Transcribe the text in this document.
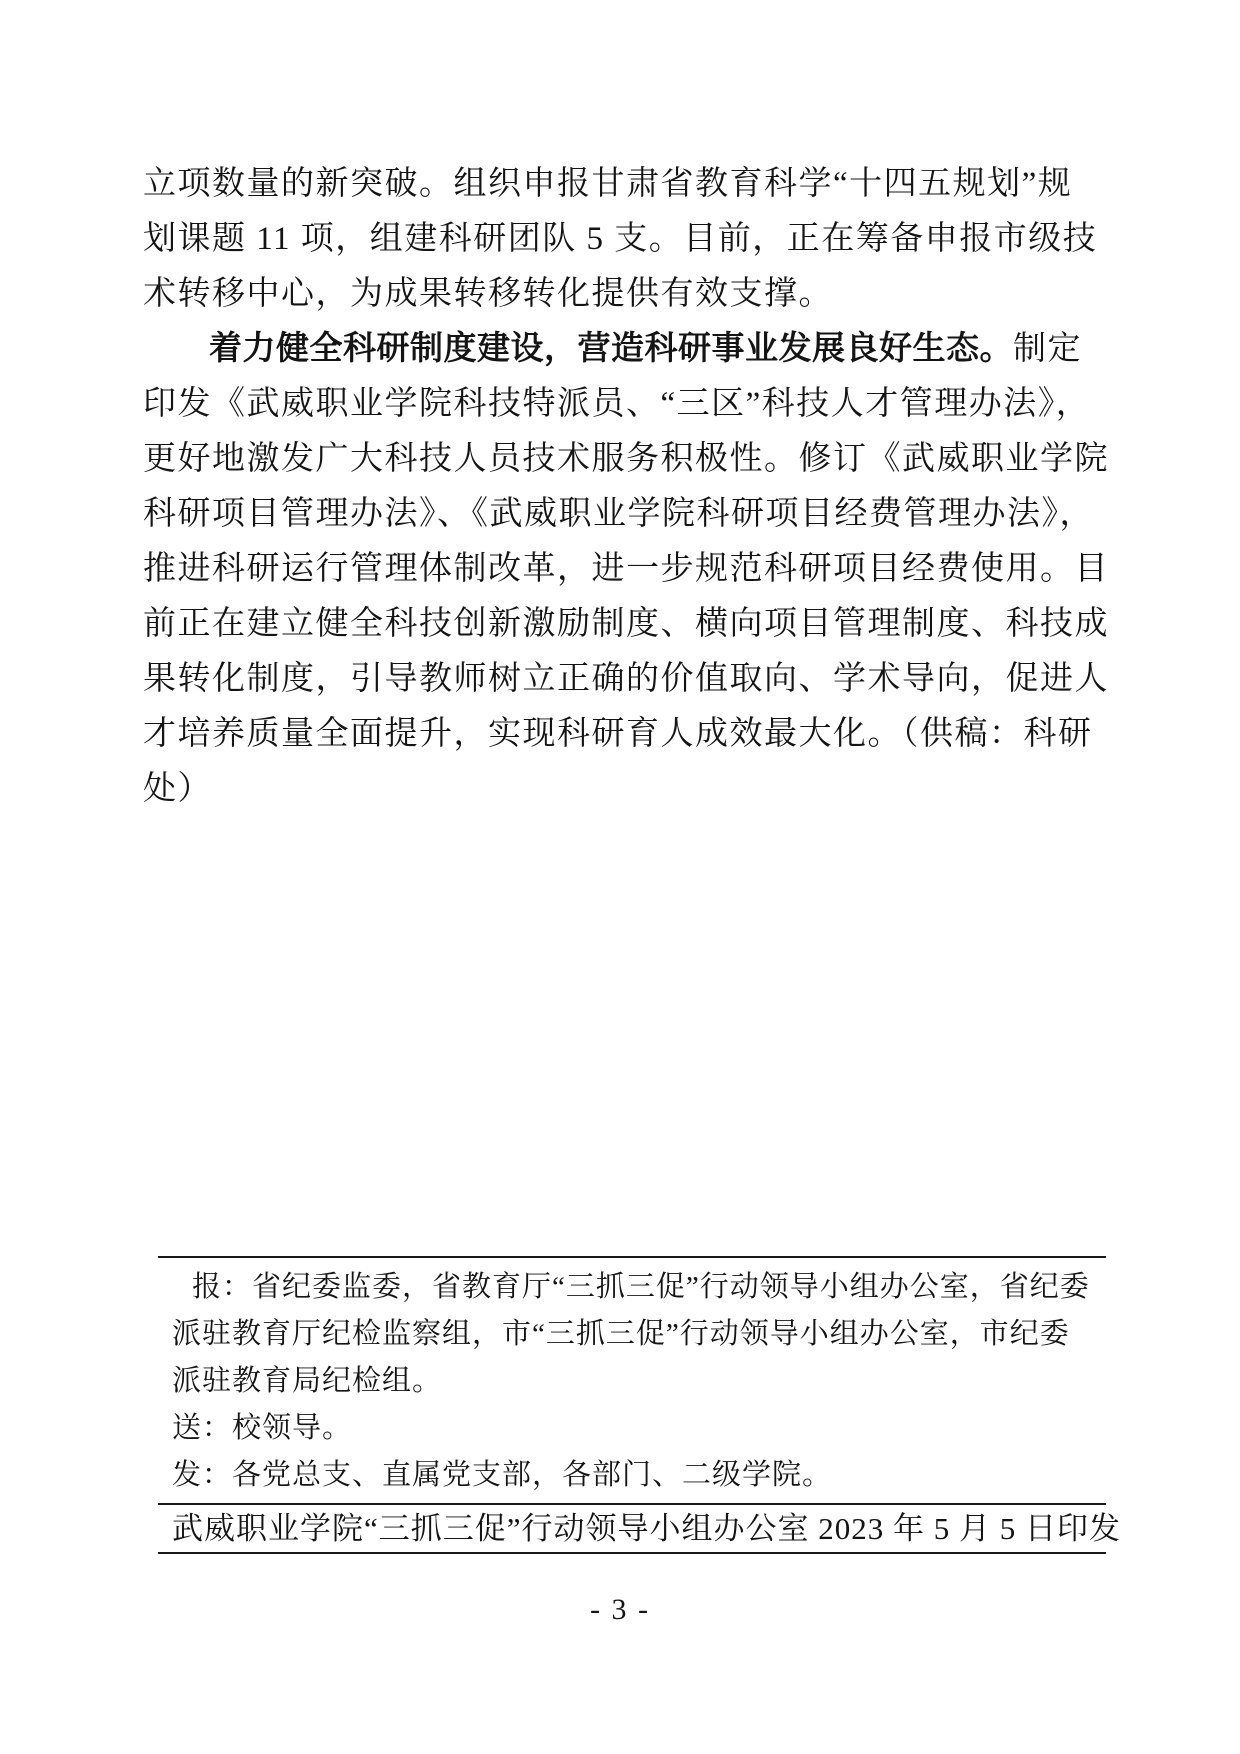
立项数量的新突破。组织申报甘肃省教育科学“十四五规划”规
划课题 11 项，组建科研团队 5 支。目前，正在筹备申报市级技
术转移中心，为成果转移转化提供有效支撑。
着力健全科研制度建设，营造科研事业发展良好生态。制定
印发《武威职业学院科技特派员、“三区”科技人才管理办法》，
更好地激发广大科技人员技术服务积极性。修订《武威职业学院
科研项目管理办法》、《武威职业学院科研项目经费管理办法》，
推进科研运行管理体制改革，进一步规范科研项目经费使用。目
前正在建立健全科技创新激励制度、横向项目管理制度、科技成
果转化制度，引导教师树立正确的价值取向、学术导向，促进人
才培养质量全面提升，实现科研育人成效最大化。（供稿：科研
处）
报：省纪委监委，省教育厅“三抓三促”行动领导小组办公室，省纪委
派驻教育厅纪检监察组，市“三抓三促”行动领导小组办公室，市纪委
派驻教育局纪检组。
送：校领导。
发：各党总支、直属党支部，各部门、二级学院。
武威职业学院“三抓三促”行动领导小组办公室 2023 年 5 月 5 日印发
- 3 -
